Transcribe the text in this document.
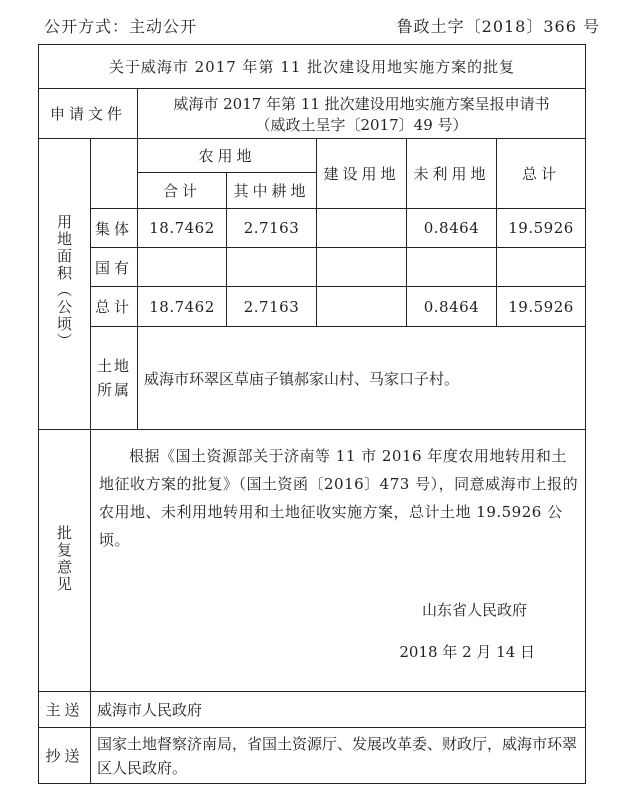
公开方式：主动公开	鲁政土字〔2018〕366 号
关于威海市 2017 年第 11 批次建设用地实施方案的批复						
申请文件		威海市 2017 年第 11 批次建设用地实施方案呈报申请书
（威政土呈字〔2017〕49 号）				

用地面积（公顷）		农用地		建设用地	未利用地	总计
		合计	其中耕地			
	集体	18.7462	2.7163		0.8464	19.5926
	国有					
	总计	18.7462	2.7163		0.8464	19.5926

	土地所属	威海市环翠区草庙子镇郝家山村、马家口子村。				
批复意见	根据《国土资源部关于济南等 11 市 2016 年度农用地转用和土地征收方案的批复》（国土资函〔2016〕473 号），同意威海市上报的农用地、未利用地转用和土地征收实施方案，总计土地 19.5926 公顷。
山东省人民政府
2018 年 2 月 14 日					

主送	威海市人民政府					
抄送	国家土地督察济南局，省国土资源厅、发展改革委、财政厅，威海市环翠区人民政府。					
